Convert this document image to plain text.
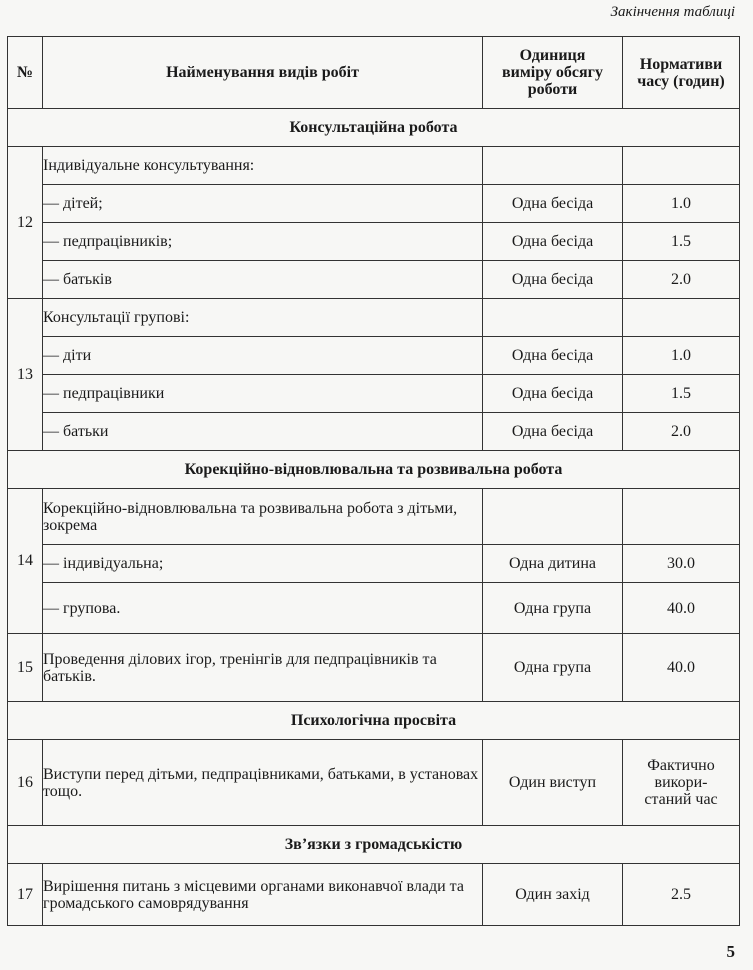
Закінчення таблиці
№	Найменування видів робіт	Одиниця виміру обсягу роботи	Нормативи часу (годин)
Консультаційна робота			
12	Індивідуальне консультування:		
	— дітей;	Одна бесіда	1.0
	— педпрацівників;	Одна бесіда	1.5
	— батьків	Одна бесіда	2.0
13	Консультації групові:		
	— діти	Одна бесіда	1.0
	— педпрацівники	Одна бесіда	1.5
	— батьки	Одна бесіда	2.0
Корекційно-відновлювальна та розвивальна робота			
14	Корекційно-відновлювальна та розвивальна робота з дітьми, зокрема		
	— індивідуальна;	Одна дитина	30.0
	— групова.	Одна група	40.0
15	Проведення ділових ігор, тренінгів для педпрацівників та батьків.	Одна група	40.0
Психологічна просвіта			
16	Виступи перед дітьми, педпрацівниками, батьками, в установах тощо.	Один виступ	Фактично використаний час
Зв’язки з громадськістю			
17	Вирішення питань з місцевими органами виконавчої влади та громадського самоврядування	Один захід	2.5
5
